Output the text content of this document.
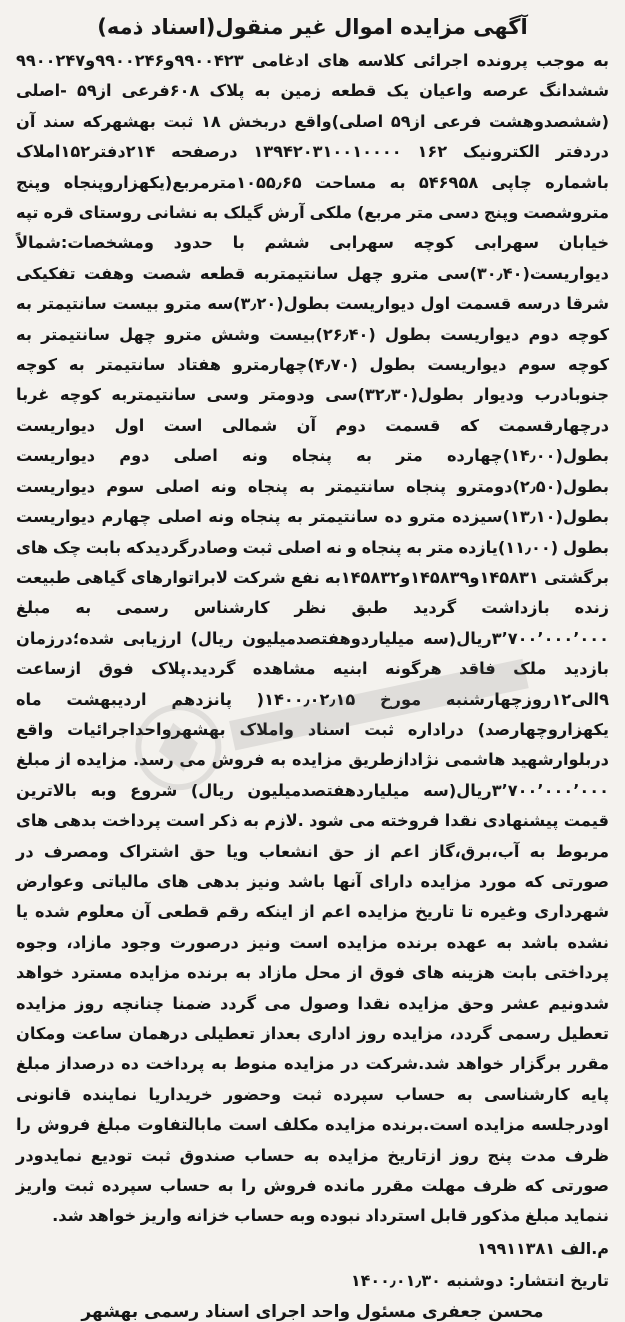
آگهی مزایده اموال غیر منقول(اسناد ذمه)

به موجب پرونده اجرائی کلاسه های ادغامی ۹۹۰۰۴۲۳و۹۹۰۰۲۴۶و۹۹۰۰۲۴۷ ششدانگ عرصه واعیان یک قطعه زمین به پلاک ۶۰۸فرعی از۵۹ -اصلی (ششصدوهشت فرعی از۵۹ اصلی)واقع دربخش ۱۸ ثبت بهشهرکه سند آن دردفتر الکترونیک ۱۶۲ ۱۳۹۴۲۰۳۱۰۰۱۰۰۰۰ درصفحه ۲۱۴دفتر۱۵۲املاک باشماره چاپی ۵۴۶۹۵۸ به مساحت ۱۰۵۵٫۶۵مترمربع(یکهزاروپنجاه وپنج متروشصت وپنج دسی متر مربع) ملکی آرش گیلک به نشانی روستای قره تپه خیابان سهرابی کوچه سهرابی ششم با حدود ومشخصات:شمالاً دیواریست(۳۰٫۴۰)سی مترو چهل سانتیمتربه قطعه شصت وهفت تفکیکی شرقا درسه قسمت اول دیواریست بطول(۳٫۲۰)سه مترو بیست سانتیمتر به کوچه دوم دیواریست بطول (۲۶٫۴۰)بیست وشش مترو چهل سانتیمتر به کوچه سوم دیواریست بطول (۴٫۷۰)چهارمترو هفتاد سانتیمتر به کوچه جنوبادرب ودیوار بطول(۳۲٫۳۰)سی ودومتر وسی سانتیمتربه کوچه غربا درچهارقسمت که قسمت دوم آن شمالی است اول دیواریست بطول(۱۴٫۰۰)چهارده متر به پنجاه ونه اصلی دوم دیواریست بطول(۲٫۵۰)دومترو پنجاه سانتیمتر به پنجاه ونه اصلی سوم دیواریست بطول(۱۳٫۱۰)سیزده مترو ده سانتیمتر به پنجاه ونه اصلی چهارم دیواریست بطول (۱۱٫۰۰)یازده متر به پنجاه و نه اصلی ثبت وصادرگردیدکه بابت چک های برگشتی ۱۴۵۸۳۱و۱۴۵۸۳۹و۱۴۵۸۳۲به نفع شرکت لابراتوارهای گیاهی طبیعت زنده بازداشت گردید طبق نظر کارشناس رسمی به مبلغ ۳٬۷۰۰٬۰۰۰٬۰۰۰ریال(سه میلیاردوهفتصدمیلیون ریال) ارزیابی شده؛درزمان بازدید ملک فاقد هرگونه ابنیه مشاهده گردید.پلاک فوق ازساعت ۹الی۱۲روزچهارشنبه مورخ ۱۴۰۰٫۰۲٫۱۵( پانزدهم اردیبهشت ماه یکهزاروچهارصد) دراداره ثبت اسناد واملاک بهشهرواحداجرائیات واقع دربلوارشهید هاشمی نژادازطریق مزایده به فروش می رسد. مزایده از مبلغ ۳٬۷۰۰٬۰۰۰٬۰۰۰ریال(سه میلیاردهفتصدمیلیون ریال) شروع وبه بالاترین قیمت پیشنهادی نقدا فروخته می شود .لازم به ذکر است پرداخت بدهی های مربوط به آب،برق،گاز اعم از حق انشعاب ویا حق اشتراک ومصرف در صورتی که مورد مزایده دارای آنها باشد ونیز بدهی های مالیاتی وعوارض شهرداری وغیره تا تاریخ مزایده اعم از اینکه رقم قطعی آن معلوم شده یا نشده باشد به عهده برنده مزایده است ونیز درصورت وجود مازاد، وجوه پرداختی بابت هزینه های فوق از محل مازاد به برنده مزایده مسترد خواهد شدونیم عشر وحق مزایده نقدا وصول می گردد ضمنا چنانچه روز مزایده تعطیل رسمی گردد، مزایده روز اداری بعداز تعطیلی درهمان ساعت ومکان مقرر برگزار خواهد شد.شرکت در مزایده منوط به پرداخت ده درصداز مبلغ پایه کارشناسی به حساب سپرده ثبت وحضور خریداریا نماینده قانونی اودرجلسه مزایده است.برنده مزایده مکلف است مابالتفاوت مبلغ فروش را ظرف مدت پنج روز ازتاریخ مزایده به حساب صندوق ثبت تودیع نمایدودر صورتی که ظرف مهلت مقرر مانده فروش را به حساب سپرده ثبت واریز ننماید مبلغ مذکور قابل استرداد نبوده وبه حساب خزانه واریز خواهد شد.

م.الف ۱۹۹۱۱۳۸۱
تاریخ انتشار: دوشنبه ۱۴۰۰٫۰۱٫۳۰
محسن جعفری مسئول واحد اجرای اسناد رسمی بهشهر
